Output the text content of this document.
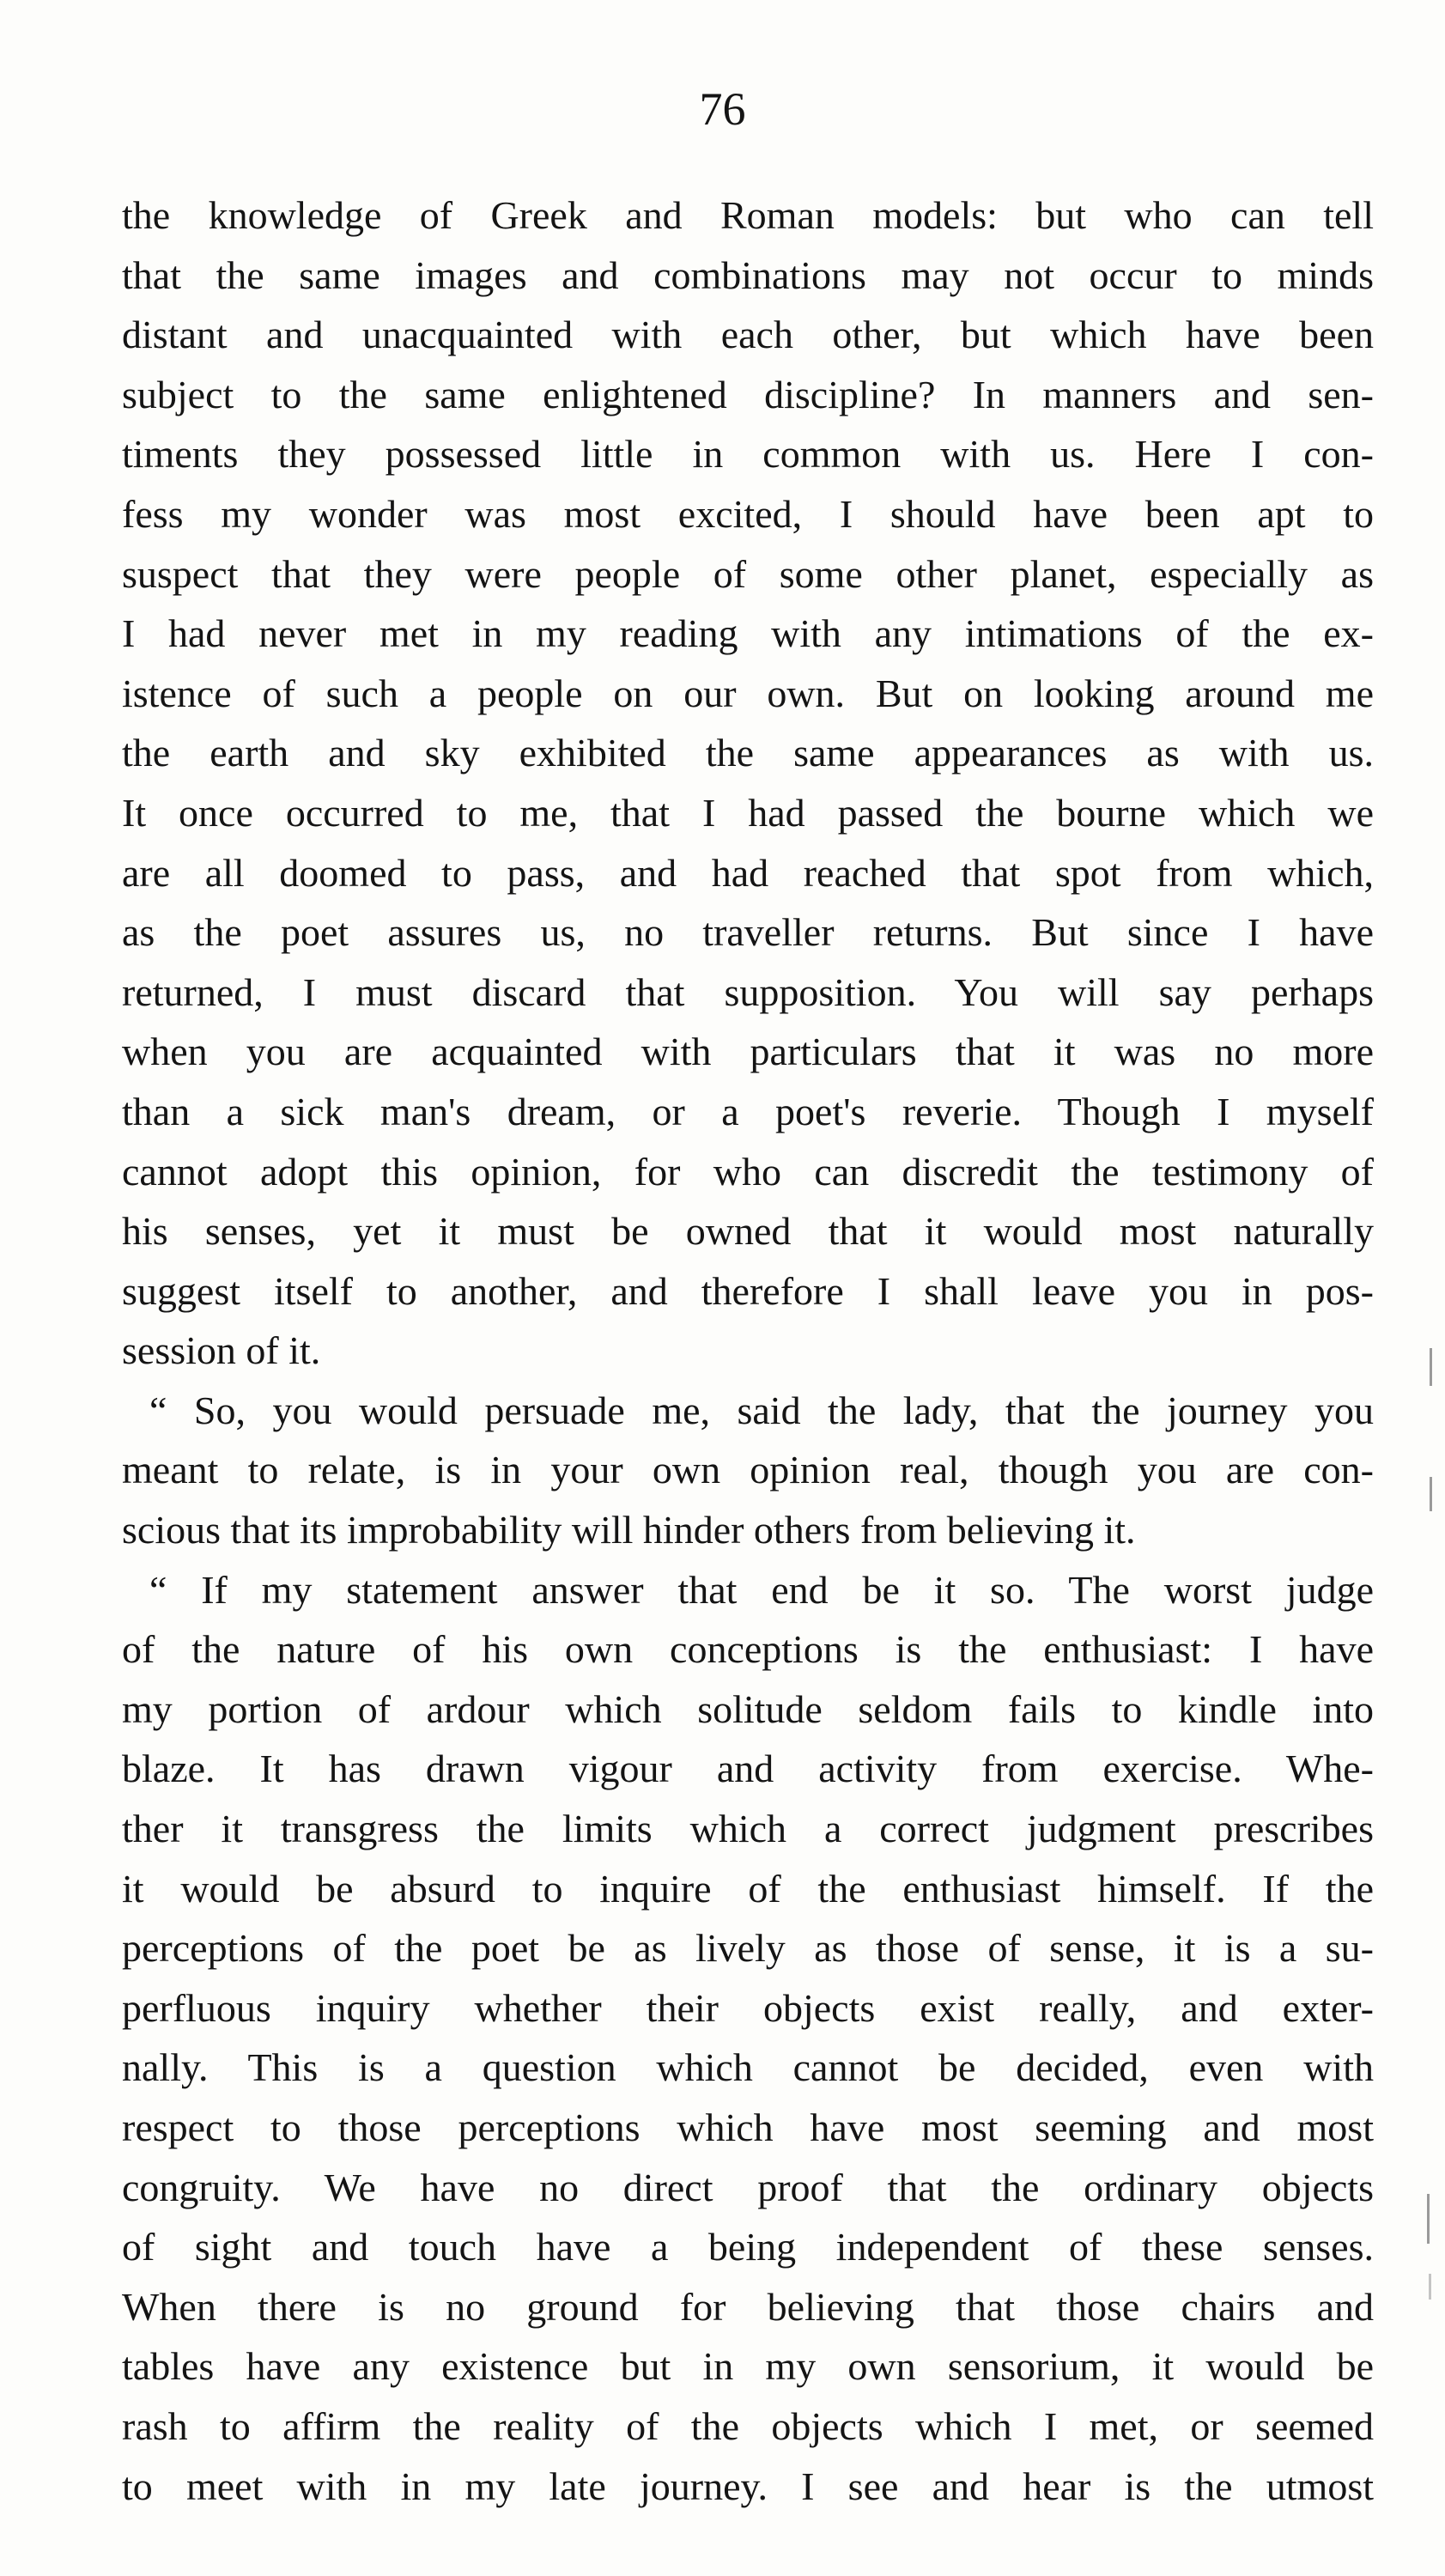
76
the knowledge of Greek and Roman models: but who can tell
that the same images and combinations may not occur to minds
distant and unacquainted with each other, but which have been
subject to the same enlightened discipline? In manners and sen-
timents they possessed little in common with us. Here I con-
fess my wonder was most excited, I should have been apt to
suspect that they were people of some other planet, especially as
I had never met in my reading with any intimations of the ex-
istence of such a people on our own. But on looking around me
the earth and sky exhibited the same appearances as with us.
It once occurred to me, that I had passed the bourne which we
are all doomed to pass, and had reached that spot from which,
as the poet assures us, no traveller returns. But since I have
returned, I must discard that supposition. You will say perhaps
when you are acquainted with particulars that it was no more
than a sick man's dream, or a poet's reverie. Though I myself
cannot adopt this opinion, for who can discredit the testimony of
his senses, yet it must be owned that it would most naturally
suggest itself to another, and therefore I shall leave you in pos-
session of it.
“ So, you would persuade me, said the lady, that the journey you
meant to relate, is in your own opinion real, though you are con-
scious that its improbability will hinder others from believing it.
“ If my statement answer that end be it so. The worst judge
of the nature of his own conceptions is the enthusiast: I have
my portion of ardour which solitude seldom fails to kindle into
blaze. It has drawn vigour and activity from exercise. Whe-
ther it transgress the limits which a correct judgment prescribes
it would be absurd to inquire of the enthusiast himself. If the
perceptions of the poet be as lively as those of sense, it is a su-
perfluous inquiry whether their objects exist really, and exter-
nally. This is a question which cannot be decided, even with
respect to those perceptions which have most seeming and most
congruity. We have no direct proof that the ordinary objects
of sight and touch have a being independent of these senses.
When there is no ground for believing that those chairs and
tables have any existence but in my own sensorium, it would be
rash to affirm the reality of the objects which I met, or seemed
to meet with in my late journey. I see and hear is the utmost
